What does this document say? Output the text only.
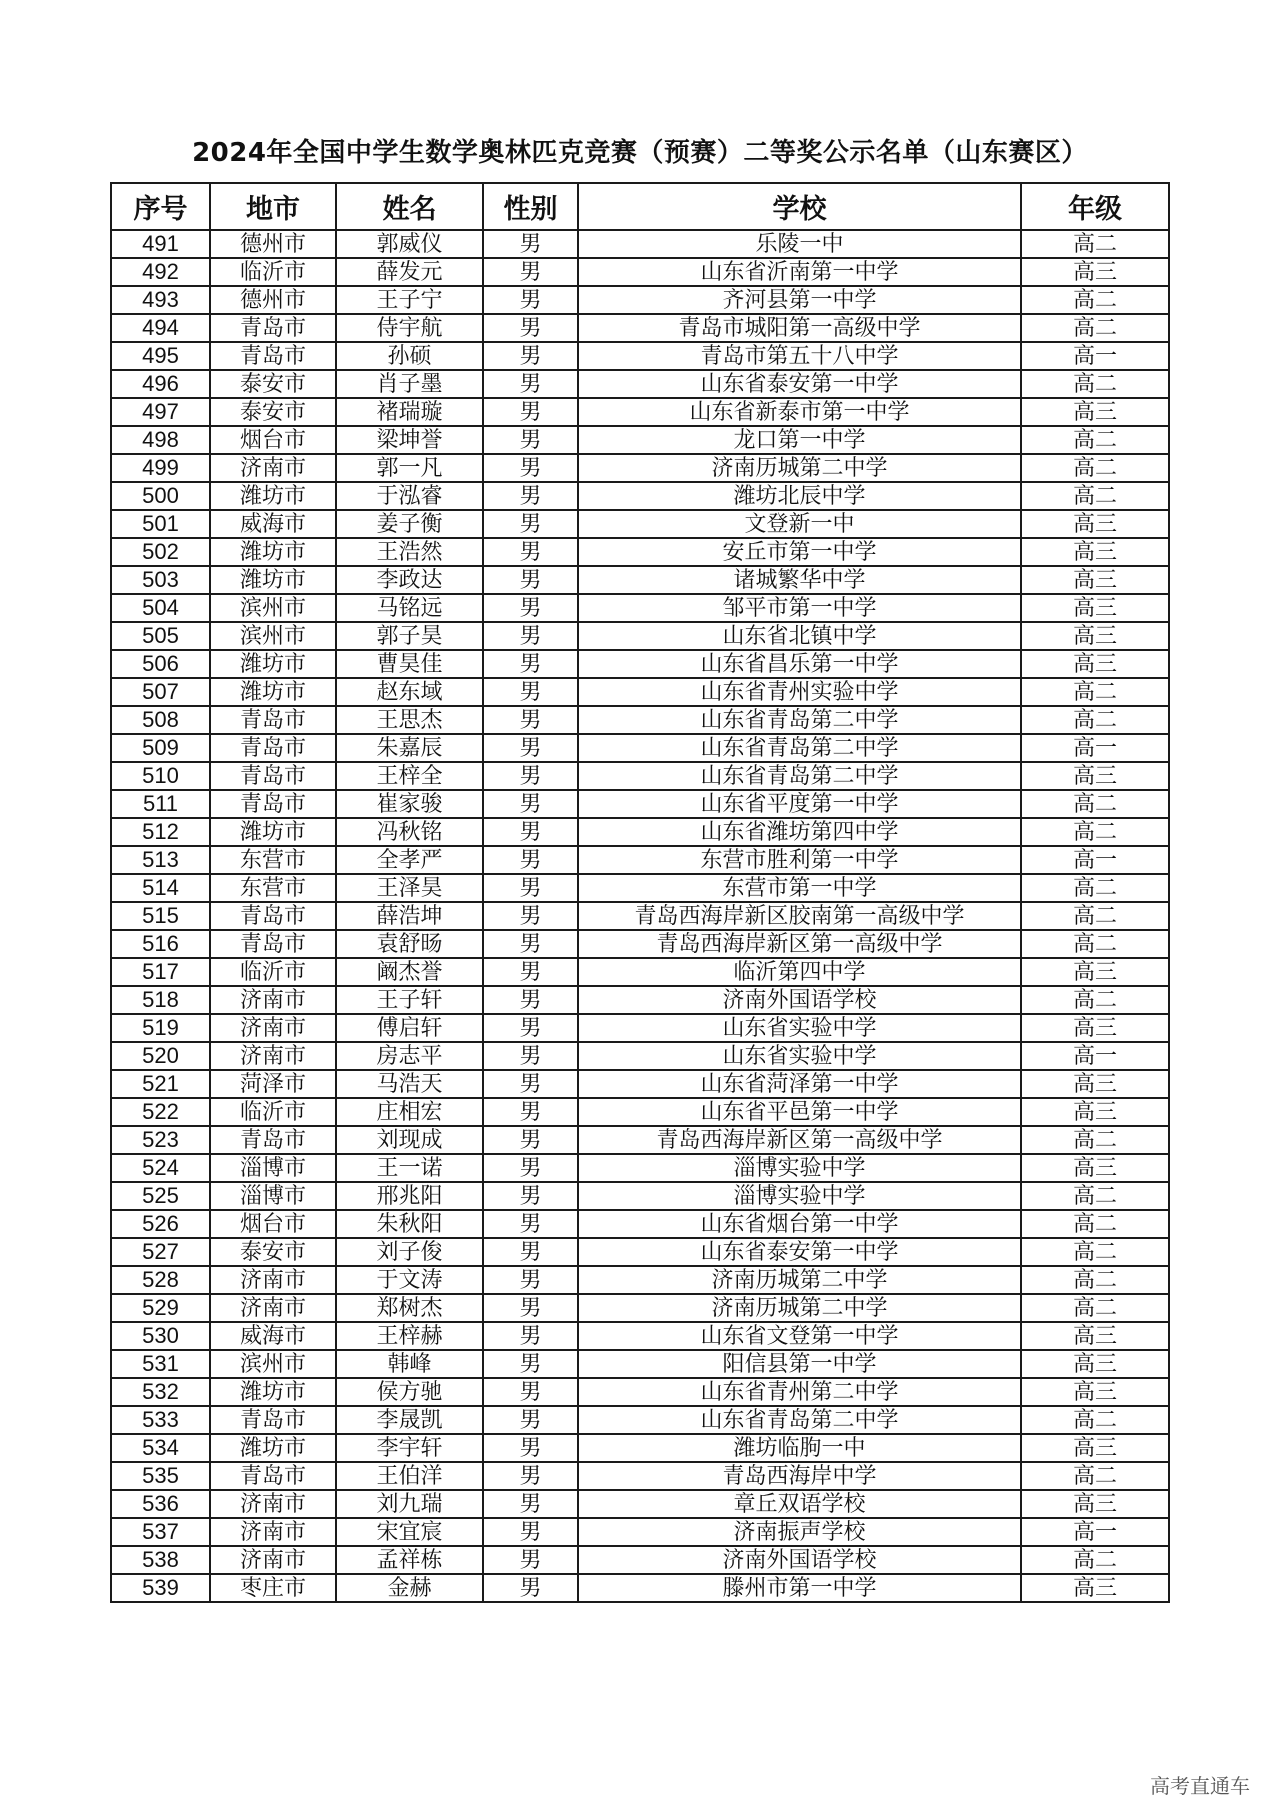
2024年全国中学生数学奥林匹克竞赛（预赛）二等奖公示名单（山东赛区）
序号	地市	姓名	性别	学校	年级
491	德州市	郭威仪	男	乐陵一中	高二
492	临沂市	薛发元	男	山东省沂南第一中学	高三
493	德州市	王子宁	男	齐河县第一中学	高二
494	青岛市	侍宇航	男	青岛市城阳第一高级中学	高二
495	青岛市	孙硕	男	青岛市第五十八中学	高一
496	泰安市	肖子墨	男	山东省泰安第一中学	高二
497	泰安市	褚瑞璇	男	山东省新泰市第一中学	高三
498	烟台市	梁坤誉	男	龙口第一中学	高二
499	济南市	郭一凡	男	济南历城第二中学	高二
500	潍坊市	于泓睿	男	潍坊北辰中学	高二
501	威海市	姜子衡	男	文登新一中	高三
502	潍坊市	王浩然	男	安丘市第一中学	高三
503	潍坊市	李政达	男	诸城繁华中学	高三
504	滨州市	马铭远	男	邹平市第一中学	高三
505	滨州市	郭子昊	男	山东省北镇中学	高三
506	潍坊市	曹昊佳	男	山东省昌乐第一中学	高三
507	潍坊市	赵东域	男	山东省青州实验中学	高二
508	青岛市	王思杰	男	山东省青岛第二中学	高二
509	青岛市	朱嘉辰	男	山东省青岛第二中学	高一
510	青岛市	王梓全	男	山东省青岛第二中学	高三
511	青岛市	崔家骏	男	山东省平度第一中学	高二
512	潍坊市	冯秋铭	男	山东省潍坊第四中学	高二
513	东营市	全孝严	男	东营市胜利第一中学	高一
514	东营市	王泽昊	男	东营市第一中学	高二
515	青岛市	薛浩坤	男	青岛西海岸新区胶南第一高级中学	高二
516	青岛市	袁舒旸	男	青岛西海岸新区第一高级中学	高二
517	临沂市	阚杰誉	男	临沂第四中学	高三
518	济南市	王子轩	男	济南外国语学校	高二
519	济南市	傅启轩	男	山东省实验中学	高三
520	济南市	房志平	男	山东省实验中学	高一
521	菏泽市	马浩天	男	山东省菏泽第一中学	高三
522	临沂市	庄相宏	男	山东省平邑第一中学	高三
523	青岛市	刘现成	男	青岛西海岸新区第一高级中学	高二
524	淄博市	王一诺	男	淄博实验中学	高三
525	淄博市	邢兆阳	男	淄博实验中学	高二
526	烟台市	朱秋阳	男	山东省烟台第一中学	高二
527	泰安市	刘子俊	男	山东省泰安第一中学	高二
528	济南市	于文涛	男	济南历城第二中学	高二
529	济南市	郑树杰	男	济南历城第二中学	高二
530	威海市	王梓赫	男	山东省文登第一中学	高三
531	滨州市	韩峰	男	阳信县第一中学	高三
532	潍坊市	侯方驰	男	山东省青州第二中学	高三
533	青岛市	李晟凯	男	山东省青岛第二中学	高二
534	潍坊市	李宇轩	男	潍坊临朐一中	高三
535	青岛市	王伯洋	男	青岛西海岸中学	高二
536	济南市	刘九瑞	男	章丘双语学校	高三
537	济南市	宋宜宸	男	济南振声学校	高一
538	济南市	孟祥栋	男	济南外国语学校	高二
539	枣庄市	金赫	男	滕州市第一中学	高三
高考直通车
